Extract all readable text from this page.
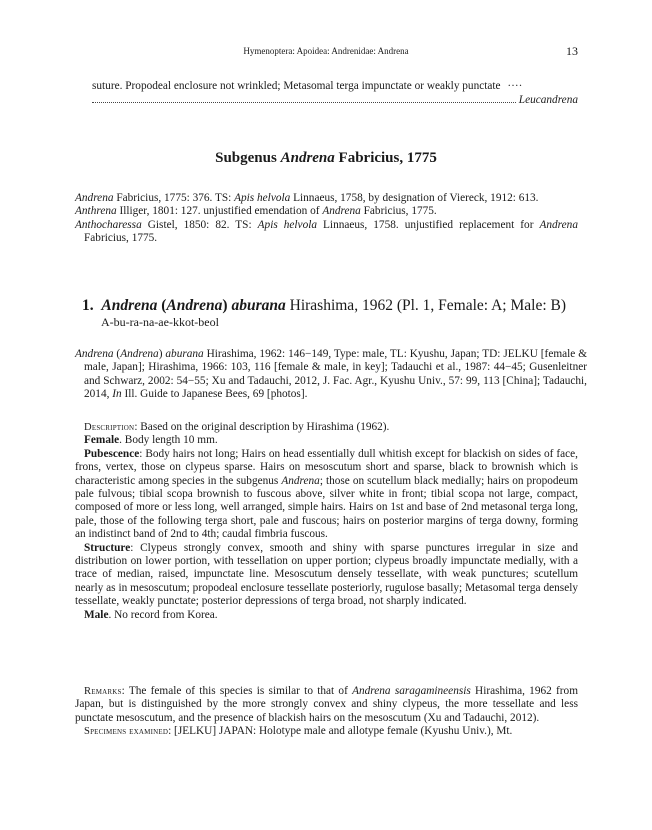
Hymenoptera: Apoidea: Andrenidae: Andrena	13
suture. Propodeal enclosure not wrinkled; Metasomal terga impunctate or weakly punctate ····
Leucandrena
Subgenus Andrena Fabricius, 1775

Andrena Fabricius, 1775: 376. TS: Apis helvola Linnaeus, 1758, by designation of Viereck, 1912: 613.

Anthrena Illiger, 1801: 127. unjustified emendation of Andrena Fabricius, 1775.

Anthocharessa Gistel, 1850: 82. TS: Apis helvola Linnaeus, 1758. unjustified replacement for Andrena Fabricius, 1775.

1. Andrena (Andrena) aburana Hirashima, 1962 (Pl. 1, Female: A; Male: B)
A-bu-ra-na-ae-kkot-beol
Andrena (Andrena) aburana Hirashima, 1962: 146−149, Type: male, TL: Kyushu, Japan; TD: JELKU [female & male, Japan]; Hirashima, 1966: 103, 116 [female & male, in key]; Tadauchi et al., 1987: 44−45; Gusenleitner and Schwarz, 2002: 54−55; Xu and Tadauchi, 2012, J. Fac. Agr., Kyushu Univ., 57: 99, 113 [China]; Tadauchi, 2014, In Ill. Guide to Japanese Bees, 69 [photos].

Description: Based on the original description by Hirashima (1962).

Female. Body length 10 mm.

Pubescence: Body hairs not long; Hairs on head essentially dull whitish except for blackish on sides of face, frons, vertex, those on clypeus sparse. Hairs on mesoscutum short and sparse, black to brownish which is characteristic among species in the subgenus Andrena; those on scutellum black medially; hairs on propodeum pale fulvous; tibial scopa brownish to fuscous above, silver white in front; tibial scopa not large, compact, composed of more or less long, well arranged, simple hairs. Hairs on 1st and base of 2nd metasonal terga long, pale, those of the following terga short, pale and fuscous; hairs on posterior margins of terga downy, forming an indistinct band of 2nd to 4th; caudal fimbria fuscous.

Structure: Clypeus strongly convex, smooth and shiny with sparse punctures irregular in size and distribution on lower portion, with tessellation on upper portion; clypeus broadly impunctate medially, with a trace of median, raised, impunctate line. Mesoscutum densely tessellate, with weak punctures; scutellum nearly as in mesoscutum; propodeal enclosure tessellate posteriorly, rugulose basally; Metasomal terga densely tessellate, weakly punctate; posterior depressions of terga broad, not sharply indicated.

Male. No record from Korea.

Remarks: The female of this species is similar to that of Andrena saragamineensis Hirashima, 1962 from Japan, but is distinguished by the more strongly convex and shiny clypeus, the more tessellate and less punctate mesoscutum, and the presence of blackish hairs on the mesoscutum (Xu and Tadauchi, 2012).

Specimens examined: [JELKU] JAPAN: Holotype male and allotype female (Kyushu Univ.), Mt.
